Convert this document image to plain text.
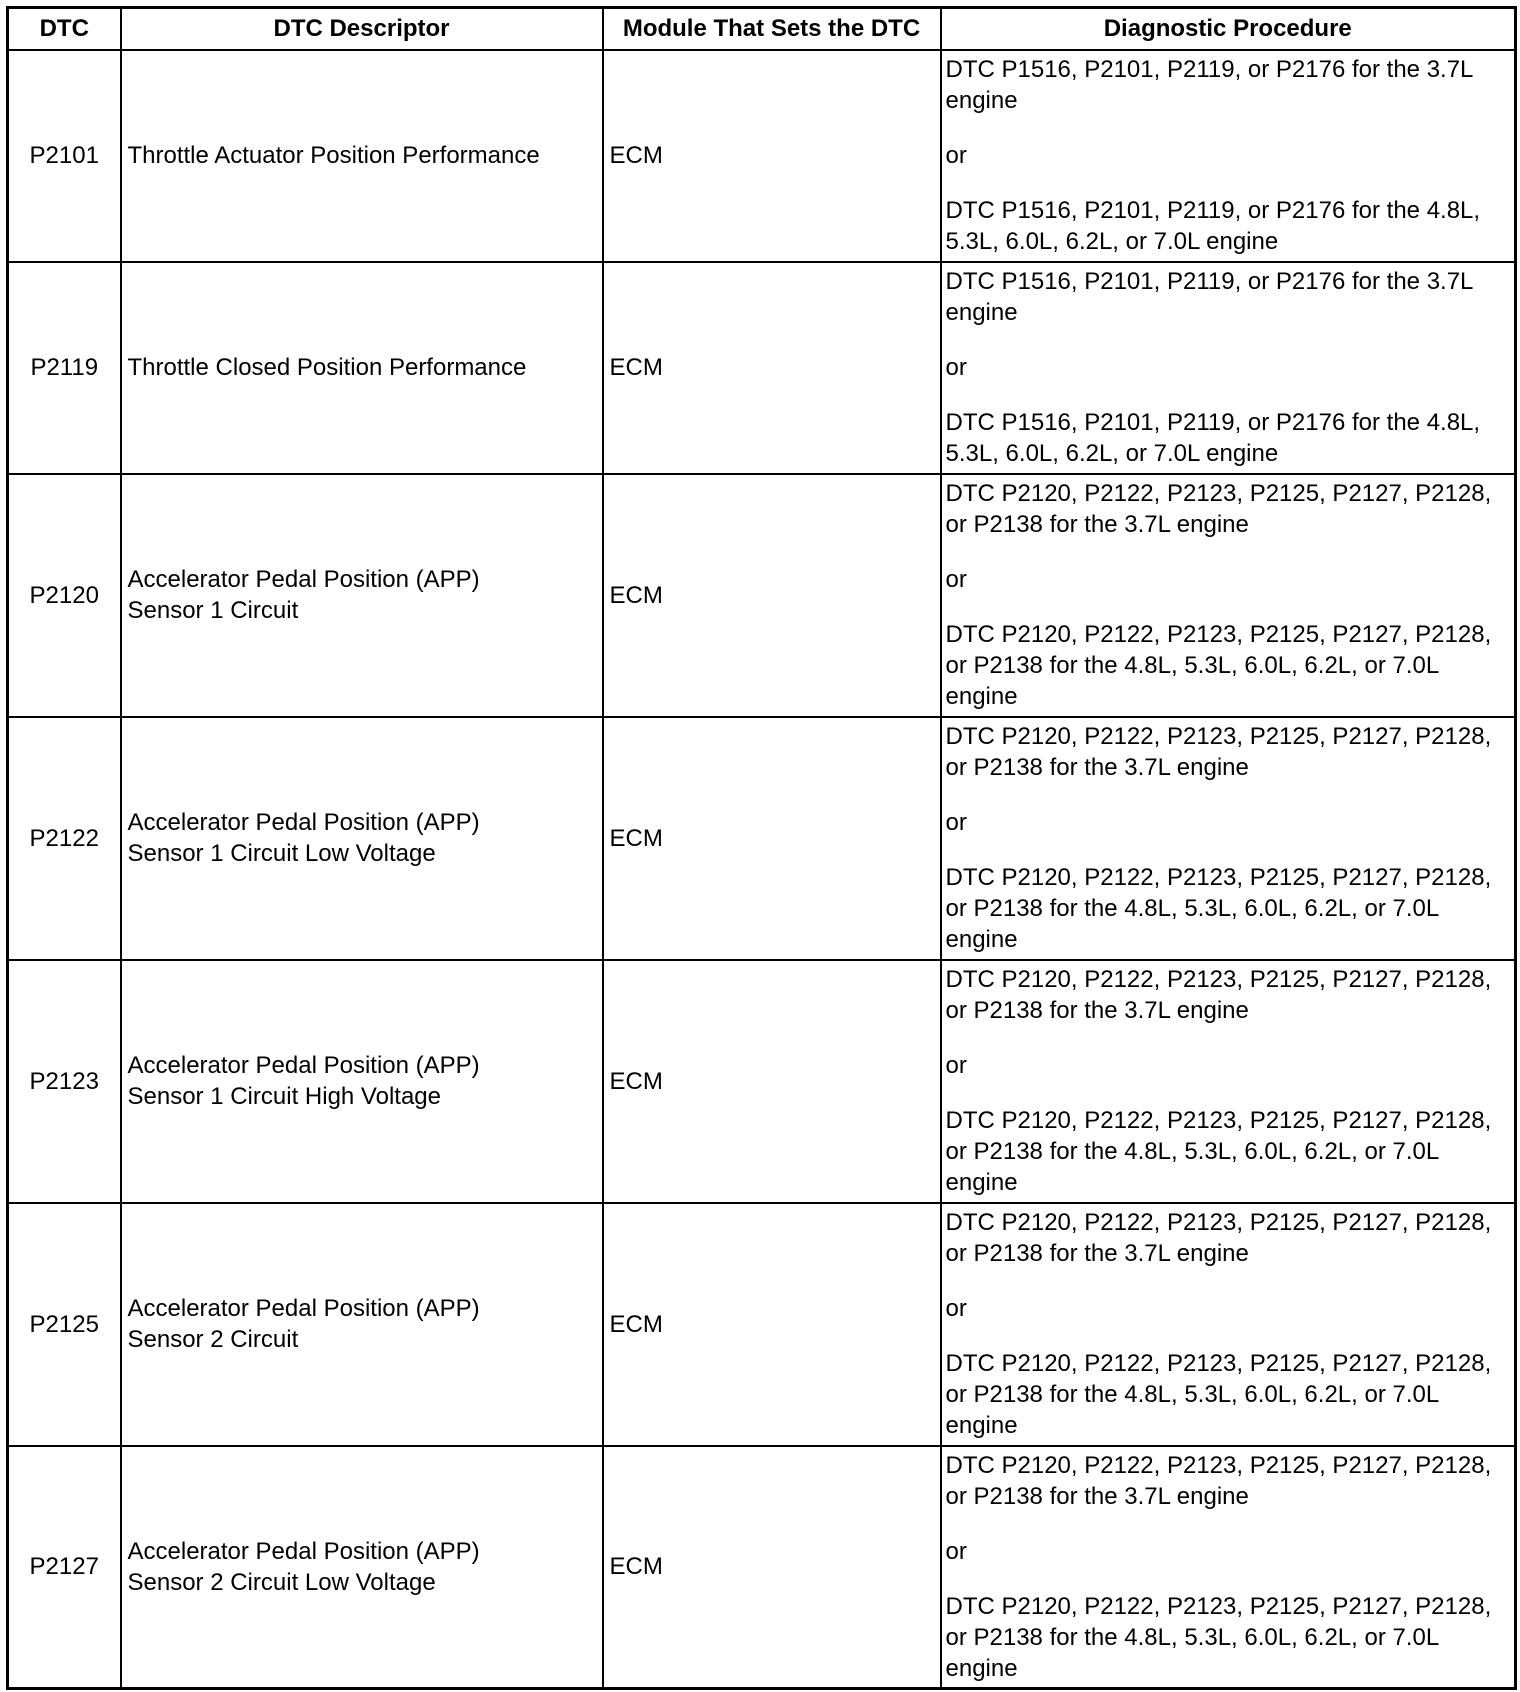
DTC	DTC Descriptor	Module That Sets the DTC	Diagnostic Procedure
P2101	Throttle Actuator Position Performance	ECM	DTC P1516, P2101, P2119, or P2176 for the 3.7L engine
or
DTC P1516, P2101, P2119, or P2176 for the 4.8L, 5.3L, 6.0L, 6.2L, or 7.0L engine

P2119	Throttle Closed Position Performance	ECM	DTC P1516, P2101, P2119, or P2176 for the 3.7L engine
or
DTC P1516, P2101, P2119, or P2176 for the 4.8L, 5.3L, 6.0L, 6.2L, or 7.0L engine

P2120	Accelerator Pedal Position (APP)
Sensor 1 Circuit	ECM	DTC P2120, P2122, P2123, P2125, P2127, P2128, or P2138 for the 3.7L engine
or
DTC P2120, P2122, P2123, P2125, P2127, P2128, or P2138 for the 4.8L, 5.3L, 6.0L, 6.2L, or 7.0L engine

P2122	Accelerator Pedal Position (APP)
Sensor 1 Circuit Low Voltage	ECM	DTC P2120, P2122, P2123, P2125, P2127, P2128, or P2138 for the 3.7L engine
or
DTC P2120, P2122, P2123, P2125, P2127, P2128, or P2138 for the 4.8L, 5.3L, 6.0L, 6.2L, or 7.0L engine

P2123	Accelerator Pedal Position (APP)
Sensor 1 Circuit High Voltage	ECM	DTC P2120, P2122, P2123, P2125, P2127, P2128, or P2138 for the 3.7L engine
or
DTC P2120, P2122, P2123, P2125, P2127, P2128, or P2138 for the 4.8L, 5.3L, 6.0L, 6.2L, or 7.0L engine

P2125	Accelerator Pedal Position (APP)
Sensor 2 Circuit	ECM	DTC P2120, P2122, P2123, P2125, P2127, P2128, or P2138 for the 3.7L engine
or
DTC P2120, P2122, P2123, P2125, P2127, P2128, or P2138 for the 4.8L, 5.3L, 6.0L, 6.2L, or 7.0L engine

P2127	Accelerator Pedal Position (APP)
Sensor 2 Circuit Low Voltage	ECM	DTC P2120, P2122, P2123, P2125, P2127, P2128, or P2138 for the 3.7L engine
or
DTC P2120, P2122, P2123, P2125, P2127, P2128, or P2138 for the 4.8L, 5.3L, 6.0L, 6.2L, or 7.0L engine
